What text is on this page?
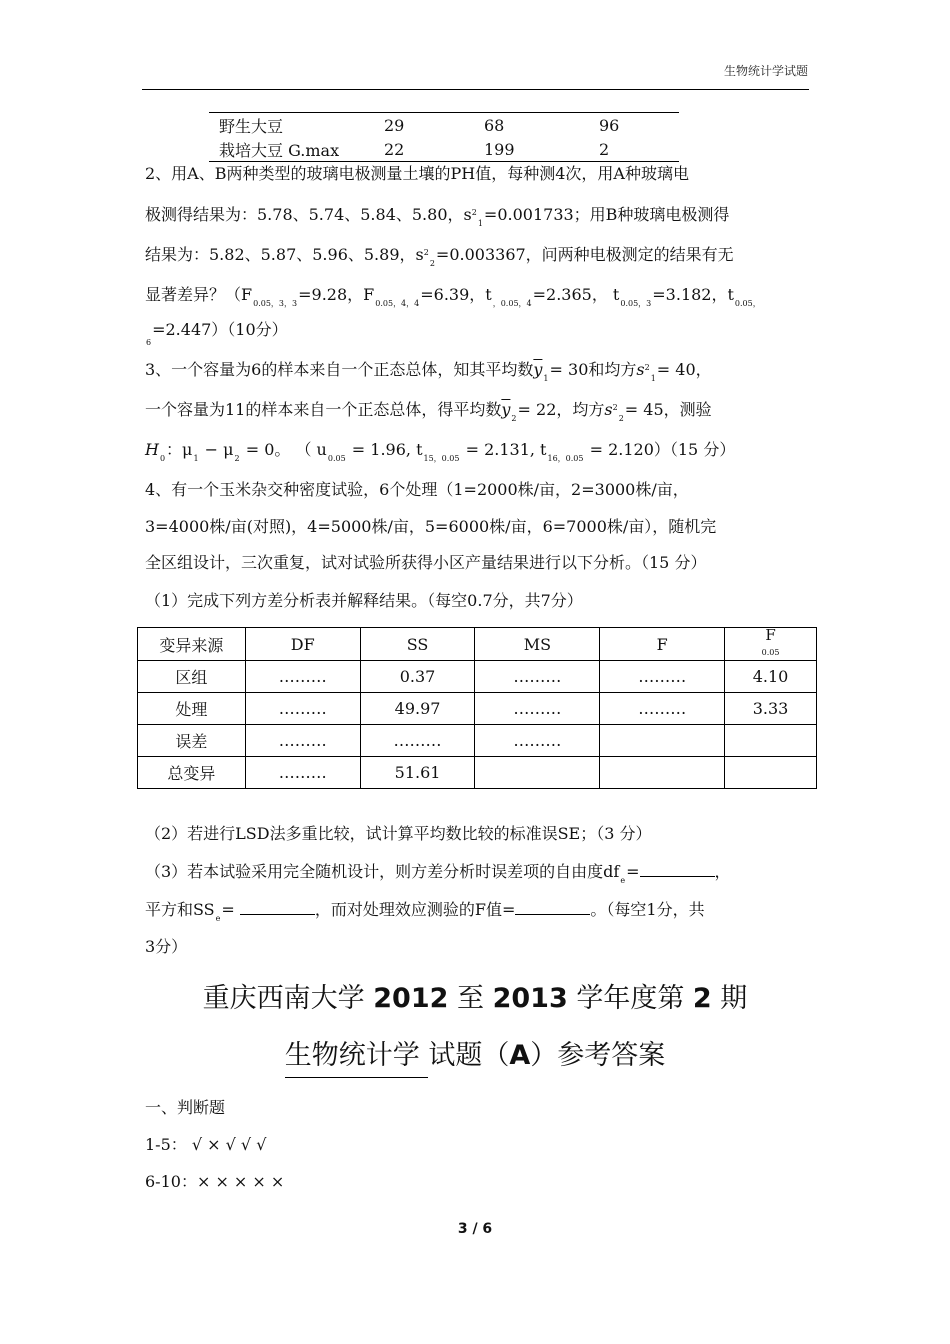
生物统计学试题
野生大豆	29	68	96
栽培大豆 G.max	22	199	2
2、用A、B两种类型的玻璃电极测量土壤的PH值，每种测4次，用A种玻璃电
极测得结果为：5.78、5.74、5.84、5.80，$s^2_1=0.001733$；用B种玻璃电极测得
结果为：5.82、5.87、5.96、5.89，$s^2_2=0.003367$，问两种电极测定的结果有无
显著差异？（$F_{0.05,3,3}=9.28$，$F_{0.05,4,4}=6.39$，$t_{,0.05,4}=2.365$， $t_{0.05,3}=3.182$，$t_{0.05,}$
$_6$=2.447）（10分）
3、一个容量为6的样本来自一个正态总体，知其平均数$\overline{y}_1= 30$和均方$s^2_1= 40$，
一个容量为11的样本来自一个正态总体，得平均数$\overline{y}_2= 22$，均方$s^2_2= 45$，测验
$H_0$：$\mu_1 - \mu_2 = 0$。 （ $u_{0.05} = 1.96$, $t_{15,0.05} = 2.131$, $t_{16,0.05} = 2.120)(15$ 分）
4、有一个玉米杂交种密度试验，6个处理（1=2000株/亩，2=3000株/亩，
3=4000株/亩(对照)，4=5000株/亩，5=6000株/亩，6=7000株/亩），随机完
全区组设计，三次重复，试对试验所获得小区产量结果进行以下分析。（15 分）
（1）完成下列方差分析表并解释结果。（每空0.7分，共7分）
变异来源	DF	SS	MS	F	F
0.05
区组	………	0.37	………	………	4.10
处理	………	49.97	………	………	3.33
误差	………	………	………		
总变异	………	51.61			
（2）若进行LSD法多重比较，试计算平均数比较的标准误SE；（3 分）
（3）若本试验采用完全随机设计，则方差分析时误差项的自由度$df_e=$	，
平方和$SS_e=$	，而对处理效应测验的F值=	。（每空1分，共
3分）
重庆西南大学 2012 至 2013 学年度第 2 期
生物统计学 试题（A）参考答案
一、判断题
1-5： √ × √ √ √
6-10：× × × × ×
3 / 6
